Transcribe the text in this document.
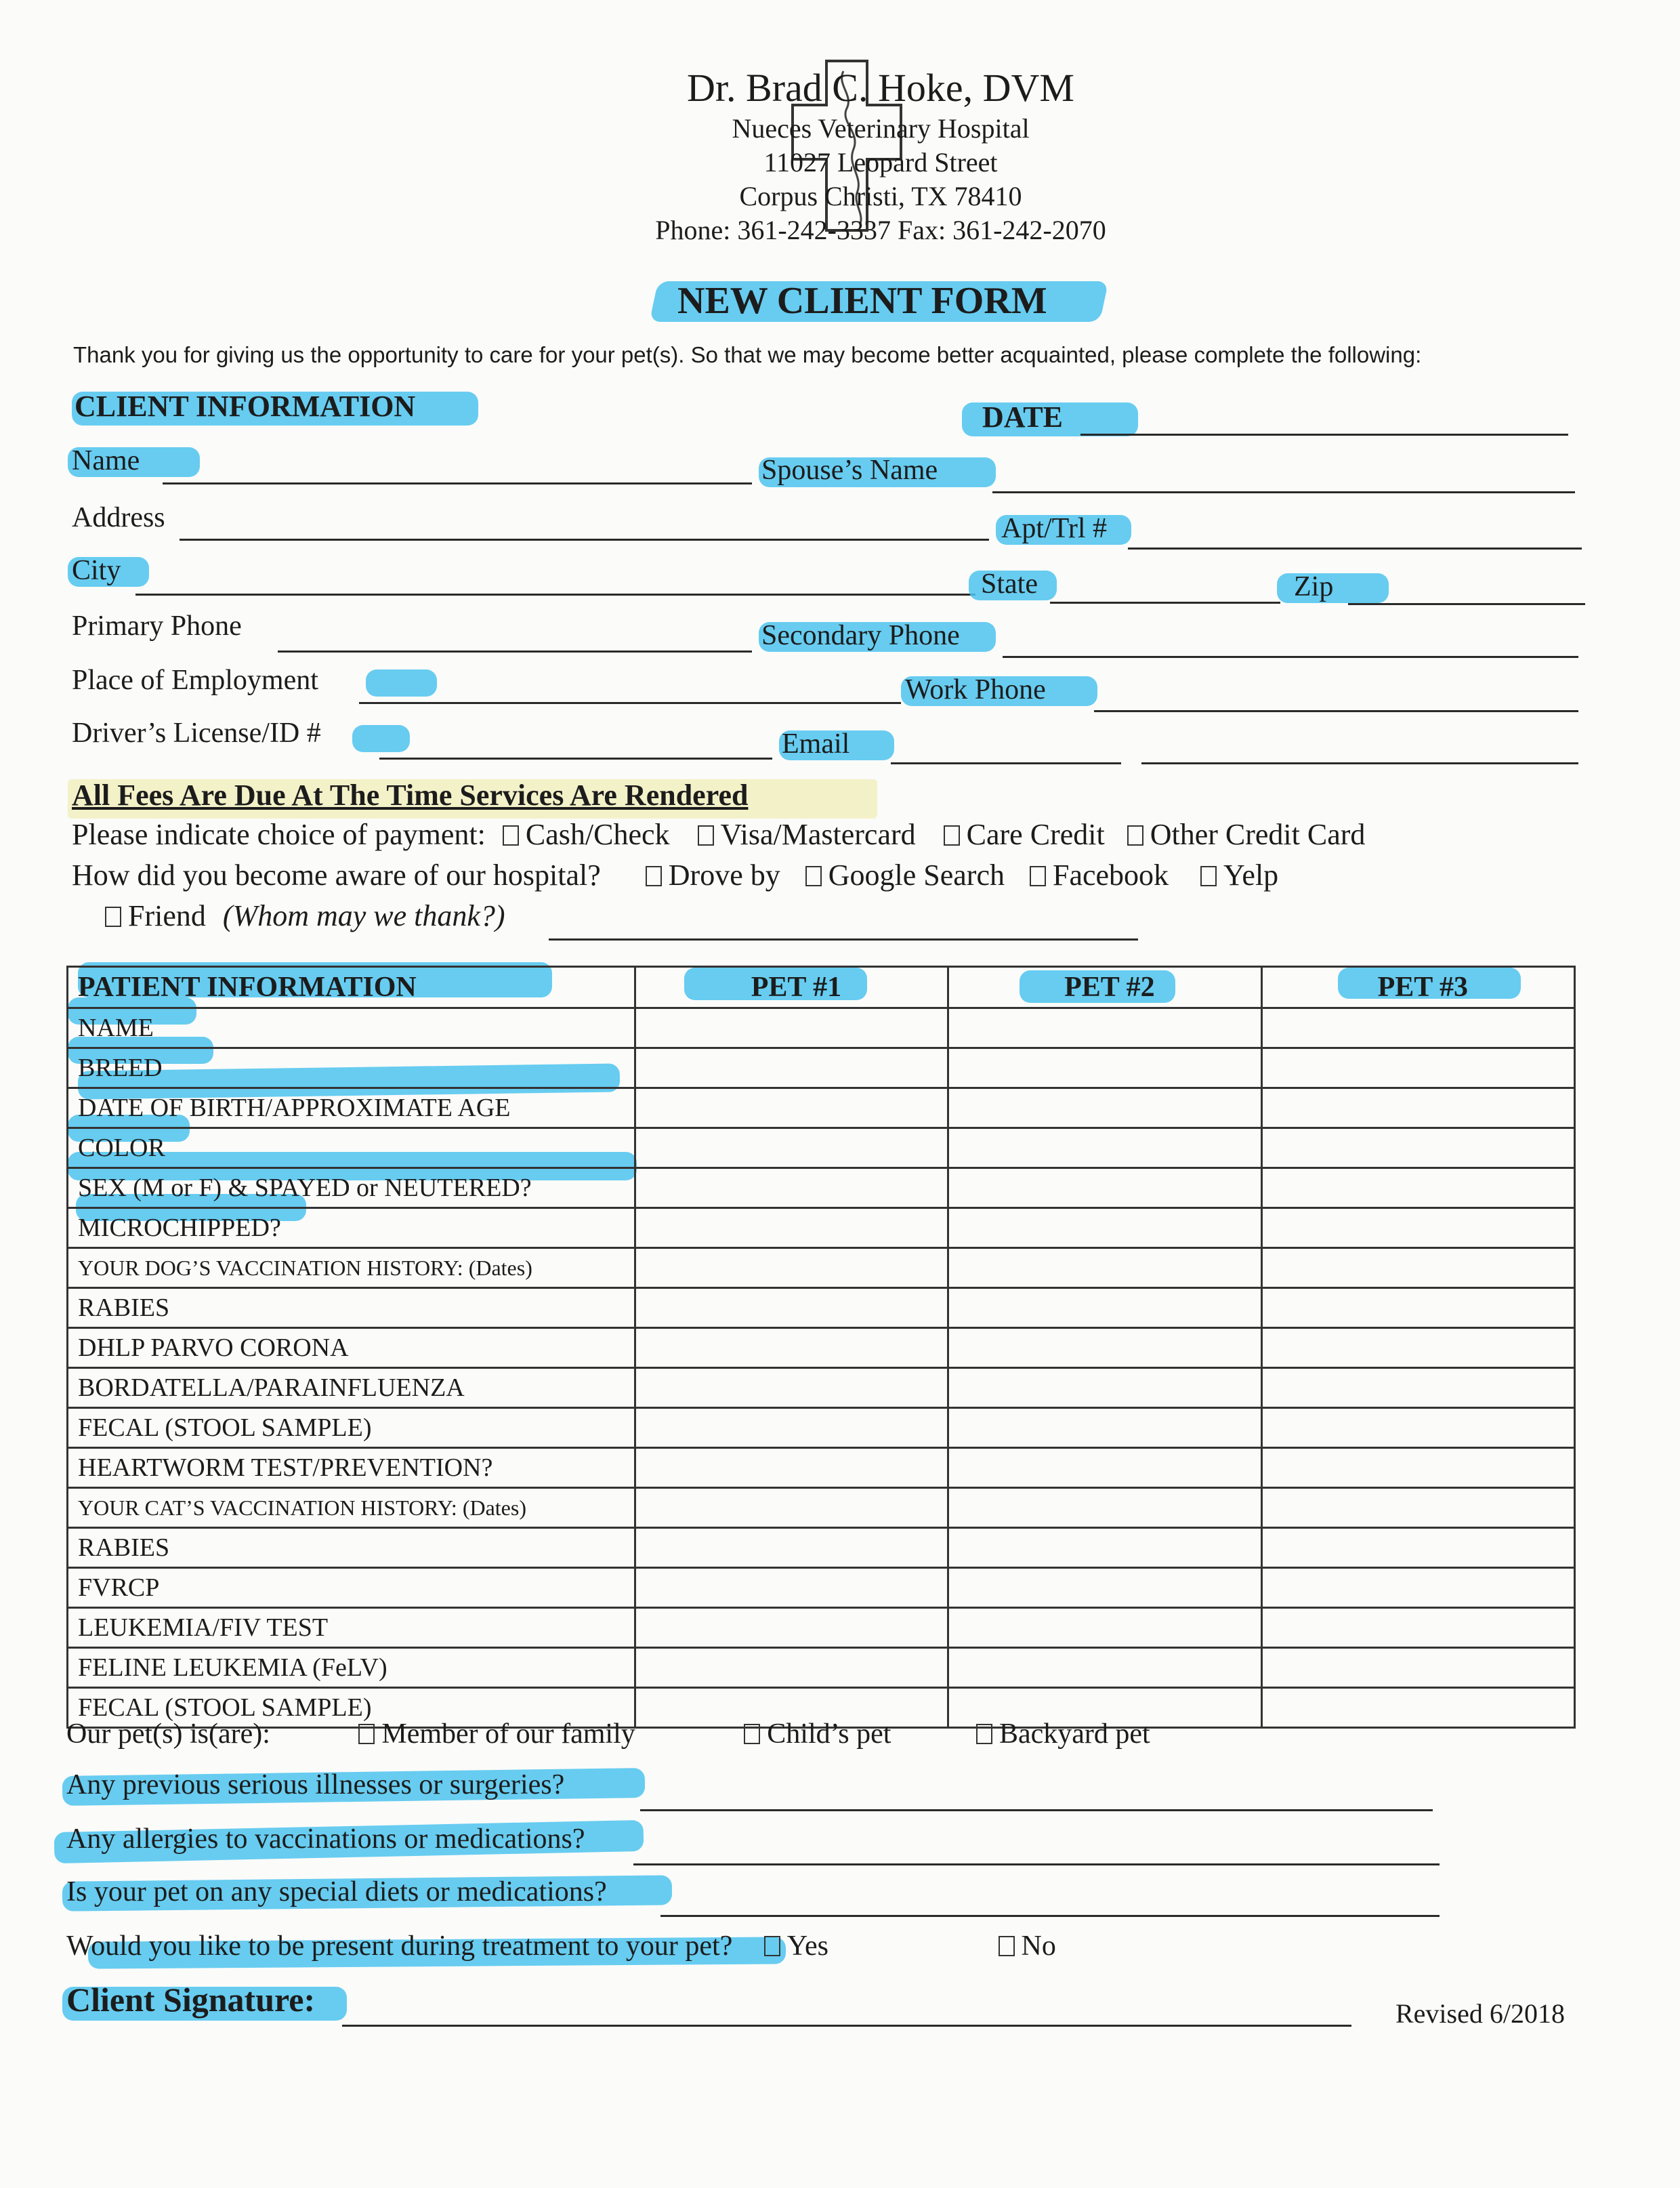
Dr. Brad C. Hoke, DVM
Nueces Veterinary Hospital
11027 Leopard Street
Corpus Christi, TX 78410
Phone: 361-242-3337 Fax: 361-242-2070
NEW CLIENT FORM
Thank you for giving us the opportunity to care for your pet(s). So that we may become better acquainted, please complete the following:
CLIENT INFORMATION	DATE
Name	Spouse’s Name
Address	Apt/Trl #
City	State	Zip
Primary Phone	Secondary Phone
Place of Employment	Work Phone
Driver’s License/ID #	Email
All Fees Are Due At The Time Services Are Rendered
Please indicate choice of payment: Cash/Check Visa/Mastercard Care Credit Other Credit Card
How did you become aware of our hospital? Drove by Google Search Facebook Yelp
Friend (Whom may we thank?)
PATIENT INFORMATION	PET #1	PET #2	PET #3
NAME			
BREED			
DATE OF BIRTH/APPROXIMATE AGE			
COLOR			
SEX (M or F) & SPAYED or NEUTERED?			
MICROCHIPPED?			
YOUR DOG’S VACCINATION HISTORY: (Dates)			
RABIES			
DHLP PARVO CORONA			
BORDATELLA/PARAINFLUENZA			
FECAL (STOOL SAMPLE)			
HEARTWORM TEST/PREVENTION?			
YOUR CAT’S VACCINATION HISTORY: (Dates)			
RABIES			
FVRCP			
LEUKEMIA/FIV TEST			
FELINE LEUKEMIA (FeLV)			
FECAL (STOOL SAMPLE)			
Our pet(s) is(are):	Member of our family	Child’s pet	Backyard pet
Any previous serious illnesses or surgeries?
Any allergies to vaccinations or medications?
Is your pet on any special diets or medications?
Would you like to be present during treatment to your pet? Yes	No
Client Signature:	Revised 6/2018
